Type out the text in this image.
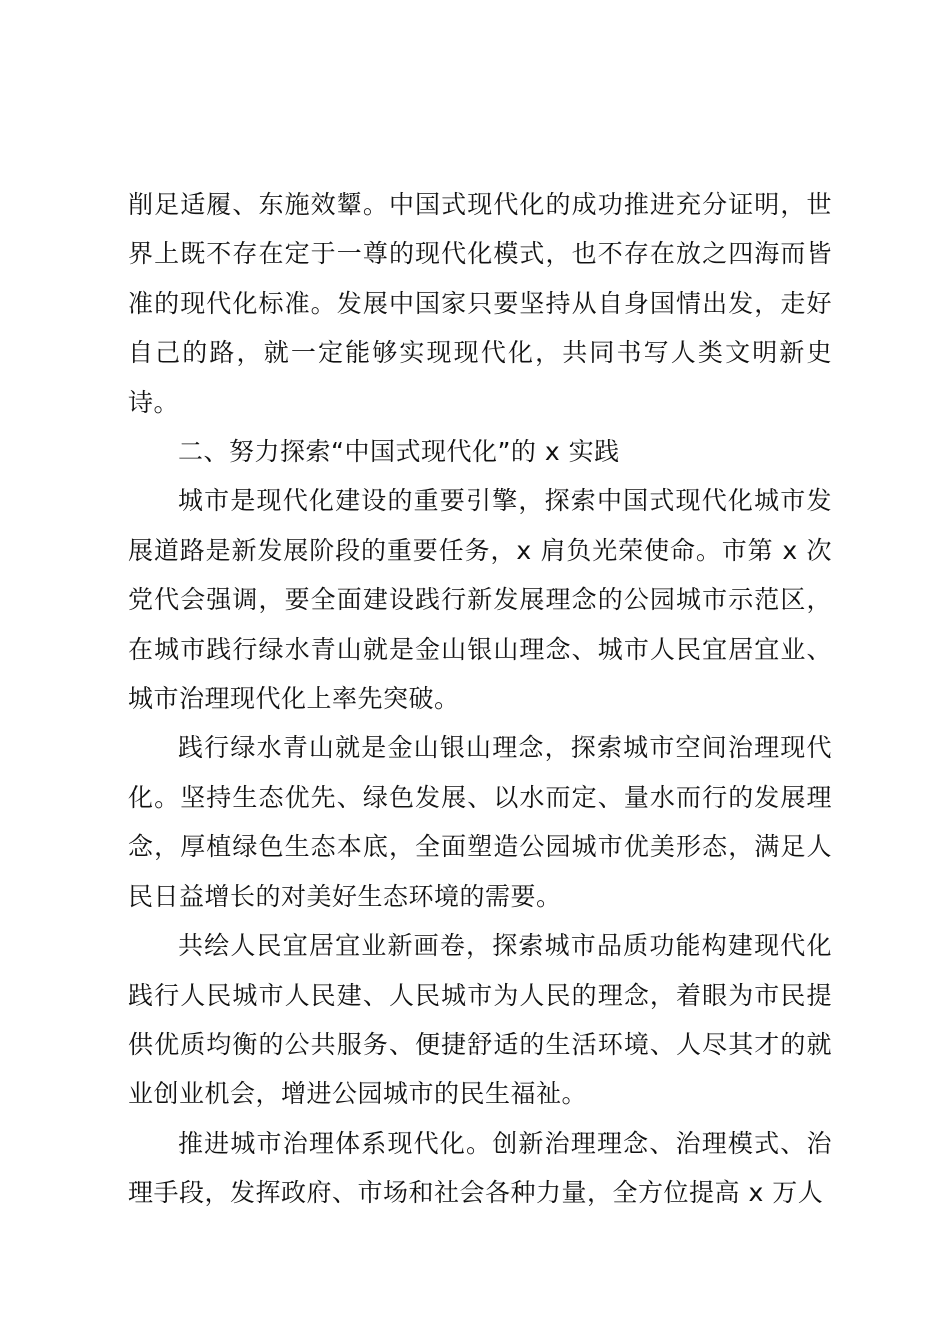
削足适履、东施效颦。中国式现代化的成功推进充分证明，世界上既不存在定于一尊的现代化模式，也不存在放之四海而皆准的现代化标准。发展中国家只要坚持从自身国情出发，走好自己的路，就一定能够实现现代化，共同书写人类文明新史诗。

二、努力探索“中国式现代化”的 x 实践

城市是现代化建设的重要引擎，探索中国式现代化城市发展道路是新发展阶段的重要任务，x 肩负光荣使命。市第 x 次党代会强调，要全面建设践行新发展理念的公园城市示范区，在城市践行绿水青山就是金山银山理念、城市人民宜居宜业、城市治理现代化上率先突破。

践行绿水青山就是金山银山理念，探索城市空间治理现代化。坚持生态优先、绿色发展、以水而定、量水而行的发展理念，厚植绿色生态本底，全面塑造公园城市优美形态，满足人民日益增长的对美好生态环境的需要。

共绘人民宜居宜业新画卷，探索城市品质功能构建现代化践行人民城市人民建、人民城市为人民的理念，着眼为市民提供优质均衡的公共服务、便捷舒适的生活环境、人尽其才的就业创业机会，增进公园城市的民生福祉。

推进城市治理体系现代化。创新治理理念、治理模式、治理手段，发挥政府、市场和社会各种力量，全方位提高 x 万人
